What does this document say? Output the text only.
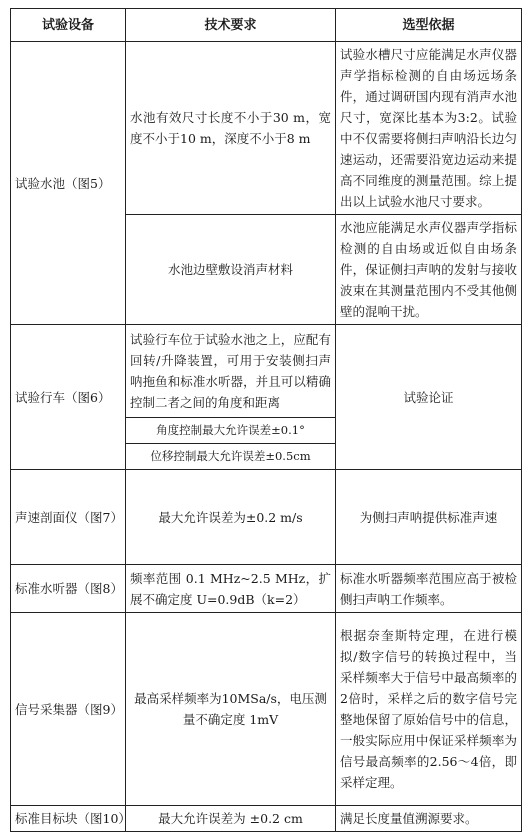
试验设备	技术要求	选型依据
试验水池（图5）	水池有效尺寸长度不小于30 m，宽度不小于10 m，深度不小于8 m	试验水槽尺寸应能满足水声仪器声学指标检测的自由场远场条件，通过调研国内现有消声水池尺寸，宽深比基本为3:2。试验中不仅需要将侧扫声呐沿长边匀速运动，还需要沿宽边运动来提高不同维度的测量范围。综上提出以上试验水池尺寸要求。
	水池边壁敷设消声材料	水池应能满足水声仪器声学指标检测的自由场或近似自由场条件，保证侧扫声呐的发射与接收波束在其测量范围内不受其他侧壁的混响干扰。
试验行车（图6）	试验行车位于试验水池之上，应配有回转/升降装置，可用于安装侧扫声呐拖鱼和标准水听器，并且可以精确控制二者之间的角度和距离	试验论证
	角度控制最大允许误差±0.1°	
	位移控制最大允许误差±0.5cm	
声速剖面仪（图7）	最大允许误差为±0.2 m/s	为侧扫声呐提供标准声速
标准水听器（图8）	频率范围 0.1 MHz~2.5 MHz，扩展不确定度 U=0.9dB（k=2）	标准水听器频率范围应高于被检侧扫声呐工作频率。
信号采集器（图9）	最高采样频率为10MSa/s，电压测量不确定度 1mV	根据奈奎斯特定理，在进行模拟/数字信号的转换过程中，当采样频率大于信号中最高频率的2倍时，采样之后的数字信号完整地保留了原始信号中的信息，一般实际应用中保证采样频率为信号最高频率的2.56～4倍，即采样定理。
标准目标块（图10）	最大允许误差为 ±0.2 cm	满足长度量值溯源要求。
